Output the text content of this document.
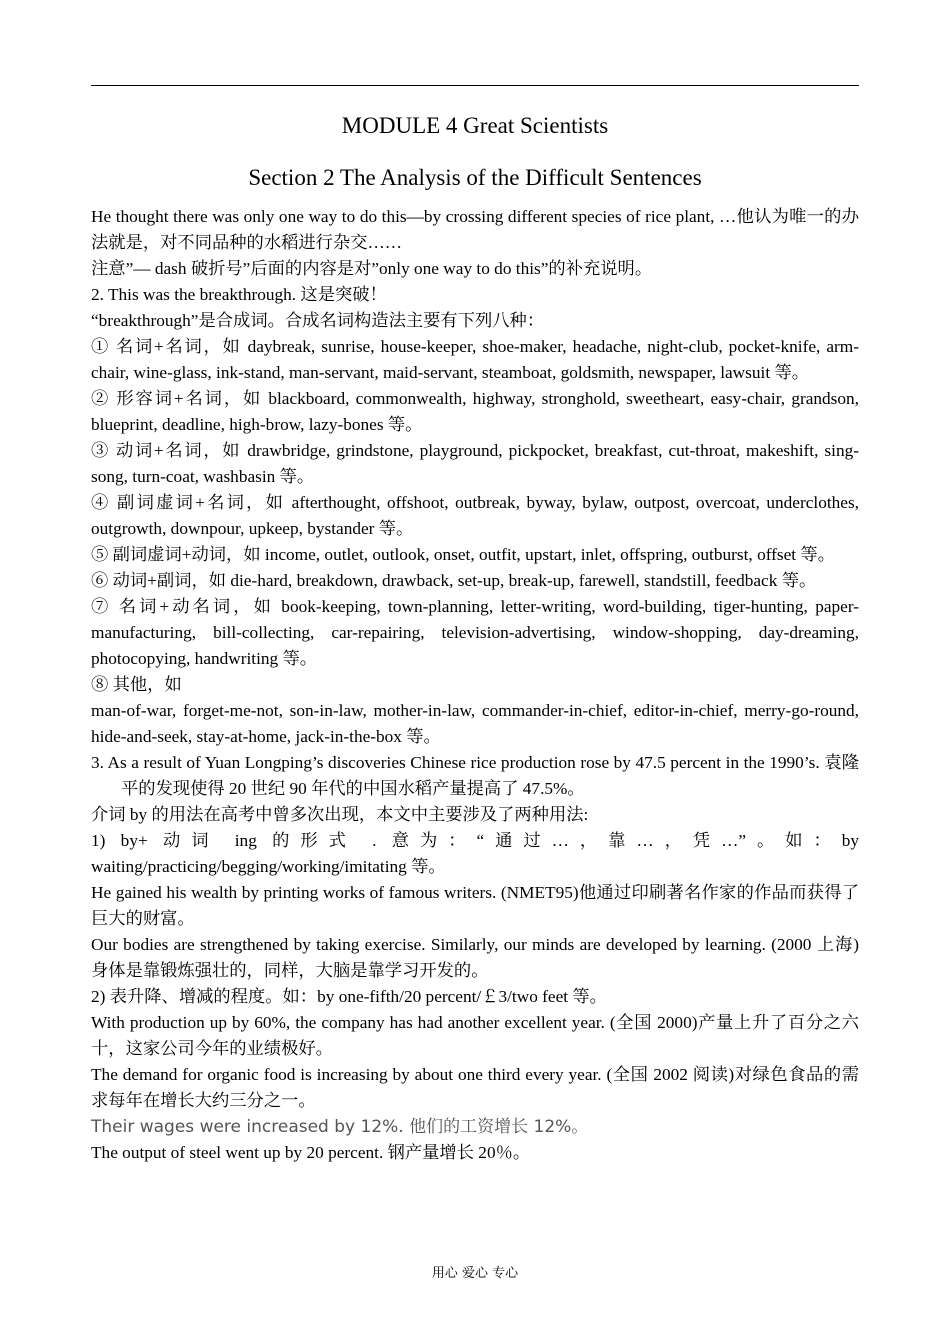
MODULE 4 Great Scientists
Section 2 The Analysis of the Difficult Sentences

He thought there was only one way to do this—by crossing different species of rice plant, …他认为唯一的办法就是，对不同品种的水稻进行杂交……

注意”— dash 破折号”后面的内容是对”only one way to do this”的补充说明。

2. This was the breakthrough. 这是突破！

“breakthrough”是合成词。合成名词构造法主要有下列八种：

① 名词+名词，如 daybreak, sunrise, house-keeper, shoe-maker, headache, night-club, pocket-knife, arm-chair, wine-glass, ink-stand, man-servant, maid-servant, steamboat, goldsmith, newspaper, lawsuit 等。

② 形容词+名词，如 blackboard, commonwealth, highway, stronghold, sweetheart, easy-chair, grandson, blueprint, deadline, high-brow, lazy-bones 等。

③ 动词+名词，如 drawbridge, grindstone, playground, pickpocket, breakfast, cut-throat, makeshift, sing-song, turn-coat, washbasin 等。

④ 副词虚词+名词，如 afterthought, offshoot, outbreak, byway, bylaw, outpost, overcoat, underclothes, outgrowth, downpour, upkeep, bystander 等。

⑤ 副词虚词+动词，如 income, outlet, outlook, onset, outfit, upstart, inlet, offspring, outburst, offset 等。

⑥ 动词+副词，如 die-hard, breakdown, drawback, set-up, break-up, farewell, standstill, feedback 等。

⑦ 名词+动名词，如 book-keeping, town-planning, letter-writing, word-building, tiger-hunting, paper-manufacturing, bill-collecting, car-repairing, television-advertising, window-shopping, day-dreaming, photocopying, handwriting 等。

⑧ 其他，如

man-of-war, forget-me-not, son-in-law, mother-in-law, commander-in-chief, editor-in-chief, merry-go-round, hide-and-seek, stay-at-home, jack-in-the-box 等。

3. As a result of Yuan Longping’s discoveries Chinese rice production rose by 47.5 percent in the 1990’s. 袁隆平的发现使得 20 世纪 90 年代的中国水稻产量提高了 47.5%。

介词 by 的用法在高考中曾多次出现，本文中主要涉及了两种用法:

1) by+ 动词 ing 的形式 . 意为：“通过…，靠…，凭…”。如：by waiting/practicing/begging/working/imitating 等。

He gained his wealth by printing works of famous writers. (NMET95)他通过印刷著名作家的作品而获得了巨大的财富。

Our bodies are strengthened by taking exercise. Similarly, our minds are developed by learning. (2000 上海)身体是靠锻炼强壮的，同样，大脑是靠学习开发的。

2) 表升降、增减的程度。如：by one-fifth/20 percent/￡3/two feet 等。

With production up by 60%, the company has had another excellent year. (全国 2000)产量上升了百分之六十，这家公司今年的业绩极好。

The demand for organic food is increasing by about one third every year. (全国 2002 阅读)对绿色食品的需求每年在增长大约三分之一。

Their wages were increased by 12%. 他们的工资增长 12%。

The output of steel went up by 20 percent. 钢产量增长 20％。

用心 爱心 专心
